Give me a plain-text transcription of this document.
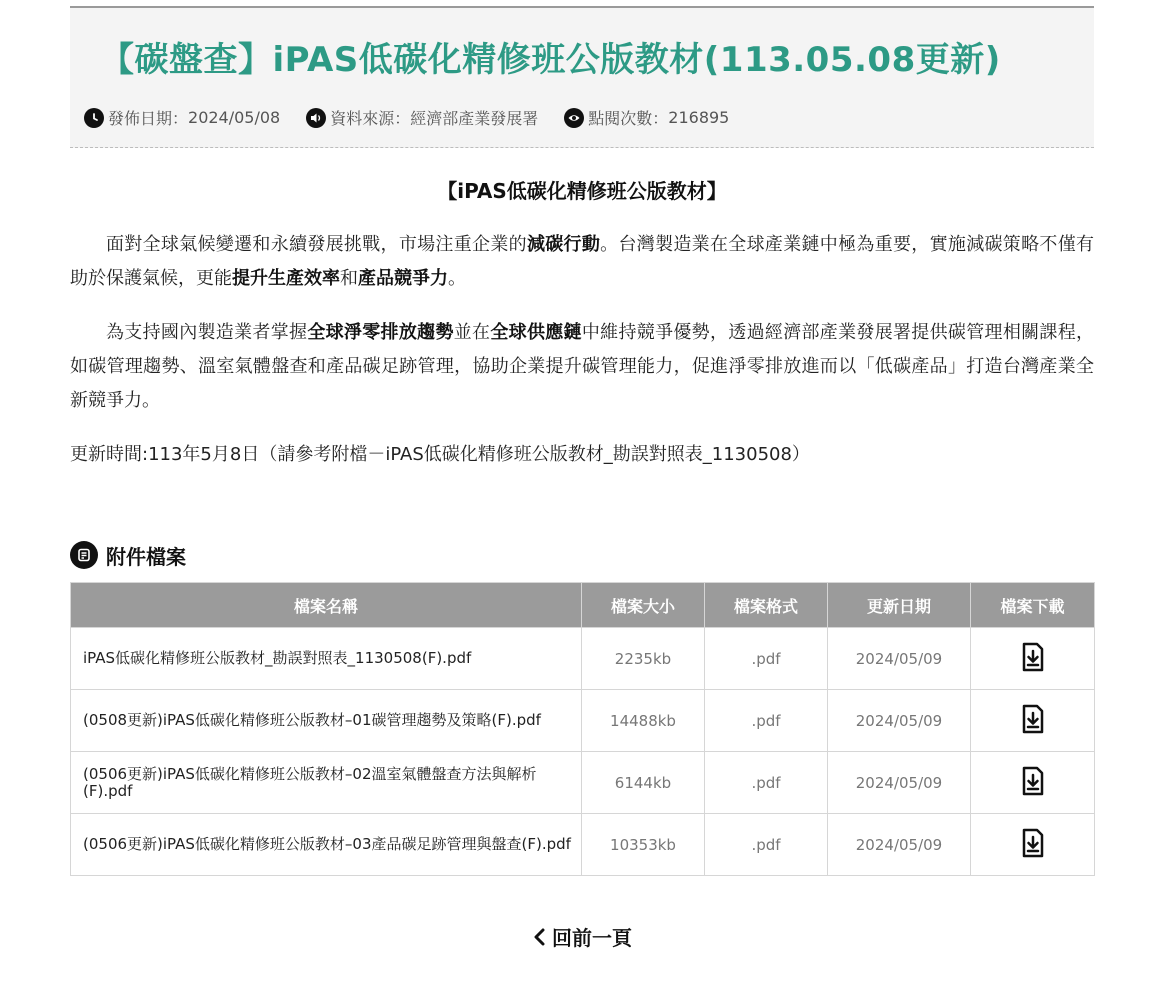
【碳盤查】iPAS低碳化精修班公版教材(113.05.08更新)
發佈日期： 2024/05/08	資料來源： 經濟部產業發展署	點閱次數： 216895
【iPAS低碳化精修班公版教材】
面對全球氣候變遷和永續發展挑戰，市場注重企業的減碳行動。台灣製造業在全球產業鏈中極為重要，實施減碳策略不僅有助於保護氣候，更能提升生產效率和產品競爭力。
為支持國內製造業者掌握全球淨零排放趨勢並在全球供應鏈中維持競爭優勢，透過經濟部產業發展署提供碳管理相關課程，如碳管理趨勢、溫室氣體盤查和產品碳足跡管理，協助企業提升碳管理能力，促進淨零排放進而以「低碳產品」打造台灣產業全新競爭力。
更新時間:113年5月8日（請參考附檔－iPAS低碳化精修班公版教材_勘誤對照表_1130508）
附件檔案
檔案名稱	檔案大小	檔案格式	更新日期	檔案下載
iPAS低碳化精修班公版教材_勘誤對照表_1130508(F).pdf	2235kb	.pdf	2024/05/09	
(0508更新)iPAS低碳化精修班公版教材–01碳管理趨勢及策略(F).pdf	14488kb	.pdf	2024/05/09	
(0506更新)iPAS低碳化精修班公版教材–02溫室氣體盤查方法與解析(F).pdf	6144kb	.pdf	2024/05/09	
(0506更新)iPAS低碳化精修班公版教材–03產品碳足跡管理與盤查(F).pdf	10353kb	.pdf	2024/05/09	
回前一頁
